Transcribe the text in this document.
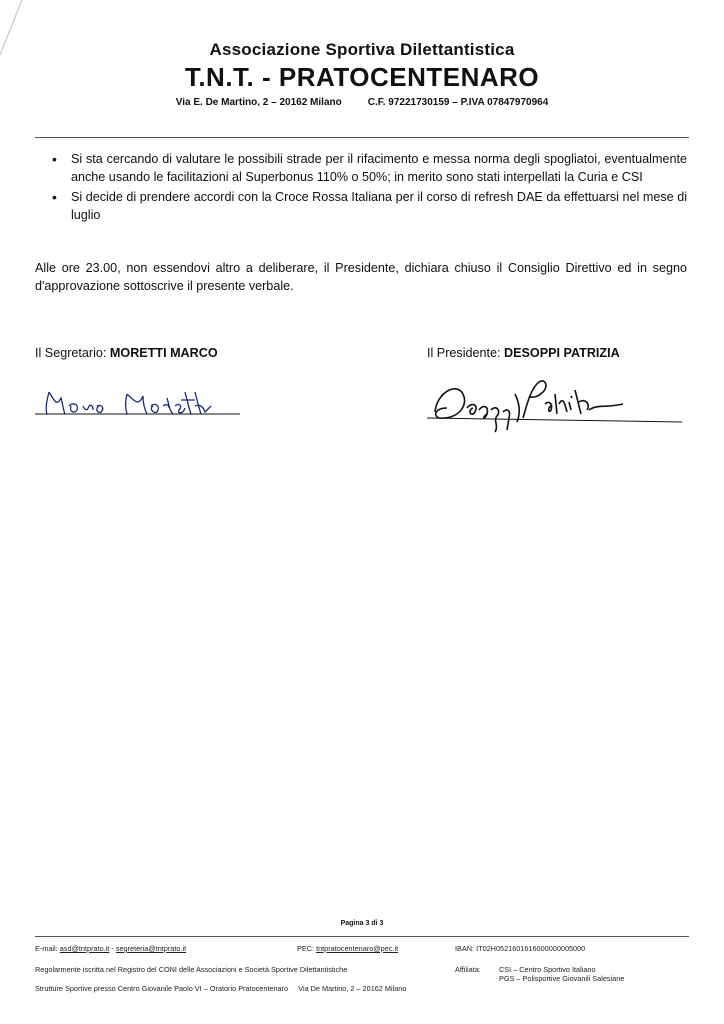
Associazione Sportiva Dilettantistica
T.N.T. - PRATOCENTENARO
Via E. De Martino, 2 – 20162 Milano	C.F. 97221730159 – P.IVA 07847970964
• Si sta cercando di valutare le possibili strade per il rifacimento e messa norma degli spogliatoi, eventualmente anche usando le facilitazioni al Superbonus 110% o 50%; in merito sono stati interpellati la Curia e CSI
• Si decide di prendere accordi con la Croce Rossa Italiana per il corso di refresh DAE da effettuarsi nel mese di luglio

Alle ore 23.00, non essendovi altro a deliberare, il Presidente, dichiara chiuso il Consiglio Direttivo ed in segno d'approvazione sottoscrive il presente verbale.

Il Segretario: MORETTI MARCO	Il Presidente: DESOPPI PATRIZIA
Pagina 3 di 3
E-mail: asd@tntprato.it - segreteria@tntprato.it	PEC: tntpratocentenaro@pec.it	IBAN: IT02H0521601616000000005000
Regolarmente iscritta nel Registro del CONI delle Associazioni e Società Sportive Dilettantistiche	Affiliata: CSI – Centro Sportivo Italiano
PGS – Polisportive Giovanili Salesiane
Strutture Sportive presso Centro Giovanile Paolo VI – Oratorio Pratocentenaro     Via De Martino, 2 – 20162 Milano
